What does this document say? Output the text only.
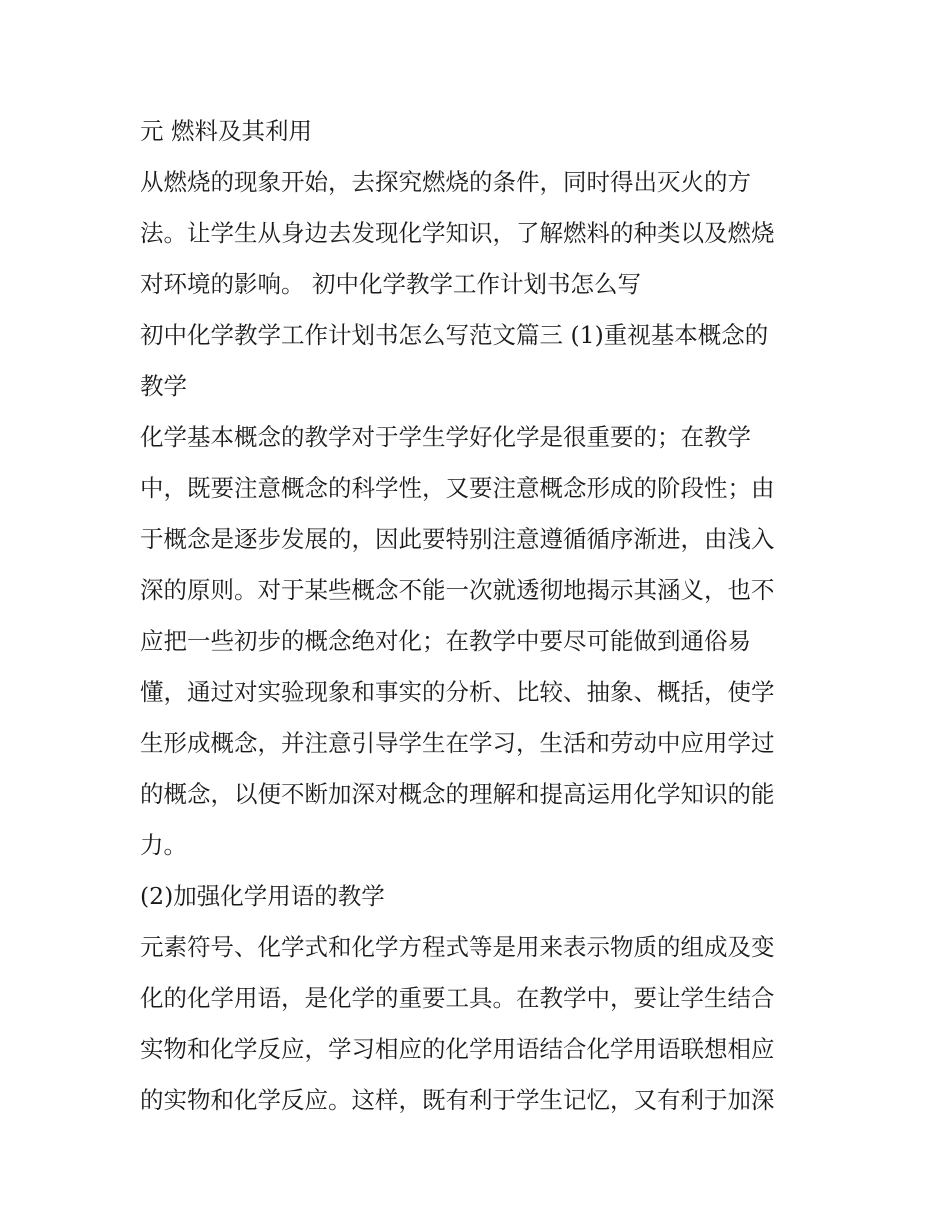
元 燃料及其利用
从燃烧的现象开始，去探究燃烧的条件，同时得出灭火的方
法。让学生从身边去发现化学知识，了解燃料的种类以及燃烧
对环境的影响。 初中化学教学工作计划书怎么写
初中化学教学工作计划书怎么写范文篇三 (1)重视基本概念的
教学
化学基本概念的教学对于学生学好化学是很重要的；在教学
中，既要注意概念的科学性，又要注意概念形成的阶段性；由
于概念是逐步发展的，因此要特别注意遵循循序渐进，由浅入
深的原则。对于某些概念不能一次就透彻地揭示其涵义，也不
应把一些初步的概念绝对化；在教学中要尽可能做到通俗易
懂，通过对实验现象和事实的分析、比较、抽象、概括，使学
生形成概念，并注意引导学生在学习，生活和劳动中应用学过
的概念，以便不断加深对概念的理解和提高运用化学知识的能
力。
(2)加强化学用语的教学
元素符号、化学式和化学方程式等是用来表示物质的组成及变
化的化学用语，是化学的重要工具。在教学中，要让学生结合
实物和化学反应，学习相应的化学用语结合化学用语联想相应
的实物和化学反应。这样，既有利于学生记忆，又有利于加深
